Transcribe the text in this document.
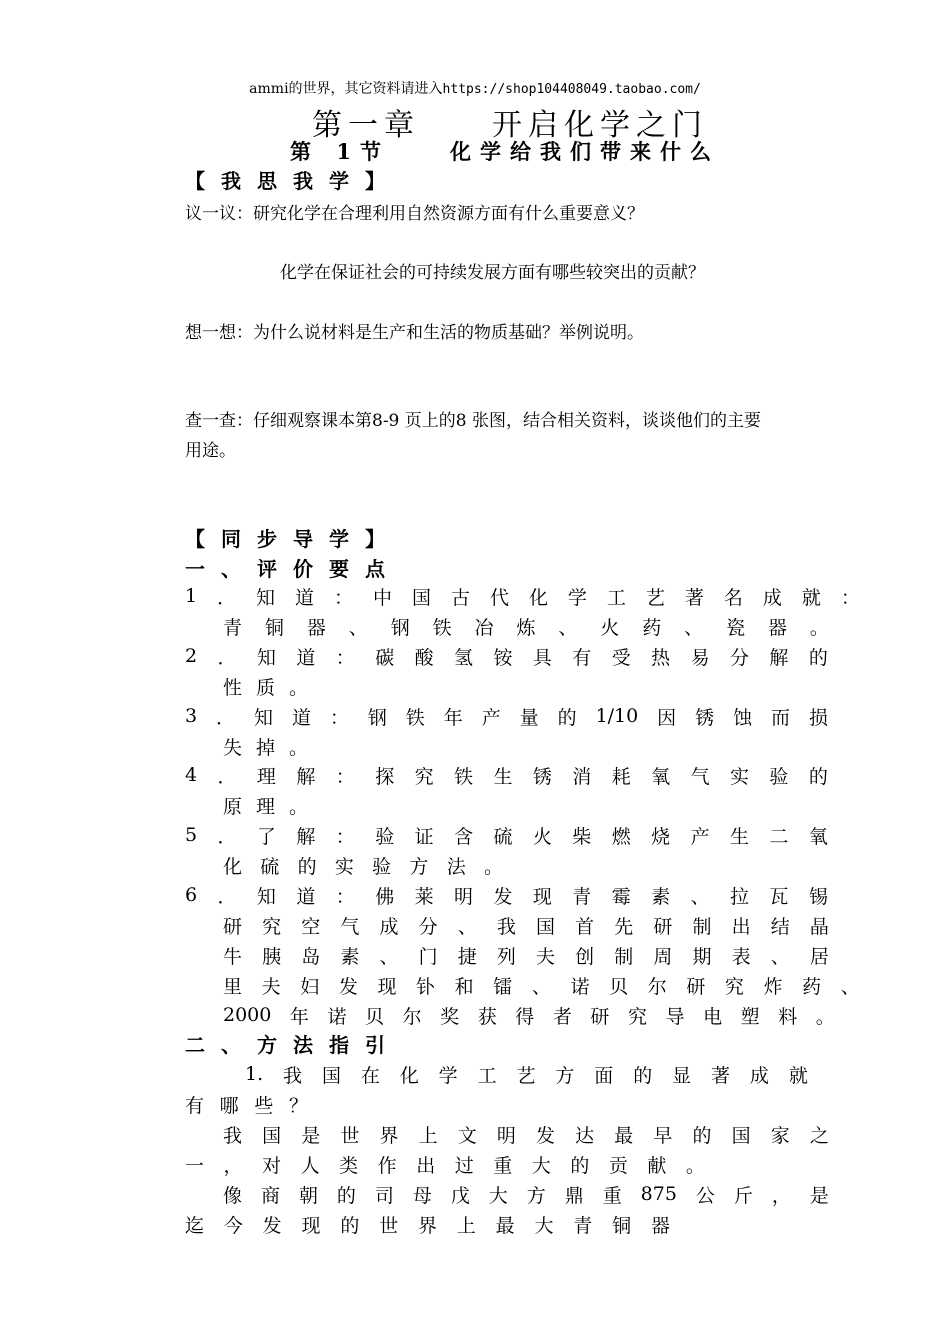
ammi的世界，其它资料请进入https://shop104408049.taobao.com/
第一章　　开启化学之门
第 1节　　化学给我们带来什么
【我思我学】
议一议：研究化学在合理利用自然资源方面有什么重要意义？
化学在保证社会的可持续发展方面有哪些较突出的贡献？
想一想：为什么说材料是生产和生活的物质基础？举例说明。
查一查：仔细观察课本第8-9 页上的8 张图，结合相关资料，谈谈他们的主要
用途。
【同步导学】
一、评价要点
1 ． 知 道 ： 中 国 古 代 化 学 工 艺 著 名 成 就 ：
青 铜 器 、 钢 铁 冶 炼 、 火 药 、 瓷 器 。
2 ． 知 道 ： 碳 酸 氢 铵 具 有 受 热 易 分 解 的
性 质 。
3 ． 知 道 ： 钢 铁 年 产 量 的 1/10 因 锈 蚀 而 损
失 掉 。
4 ． 理 解 ： 探 究 铁 生 锈 消 耗 氧 气 实 验 的
原 理 。
5 ． 了 解 ： 验 证 含 硫 火 柴 燃 烧 产 生 二 氧
化 硫 的 实 验 方 法 。
6 ． 知 道 ： 佛 莱 明 发 现 青 霉 素 、 拉 瓦 锡
研 究 空 气 成 分 、 我 国 首 先 研 制 出 结 晶
牛 胰 岛 素 、 门 捷 列 夫 创 制 周 期 表 、 居
里 夫 妇 发 现 钋 和 镭 、 诺 贝 尔 研 究 炸 药 、
2000 年 诺 贝 尔 奖 获 得 者 研 究 导 电 塑 料 。
二、方法指引
1. 我 国 在 化 学 工 艺 方 面 的 显 著 成 就
有 哪 些 ？
我 国 是 世 界 上 文 明 发 达 最 早 的 国 家 之
一 ， 对 人 类 作 出 过 重 大 的 贡 献 。
像 商 朝 的 司 母 戊 大 方 鼎 重 875 公 斤 ， 是
迄 今 发 现 的 世 界 上 最 大 青 铜 器
